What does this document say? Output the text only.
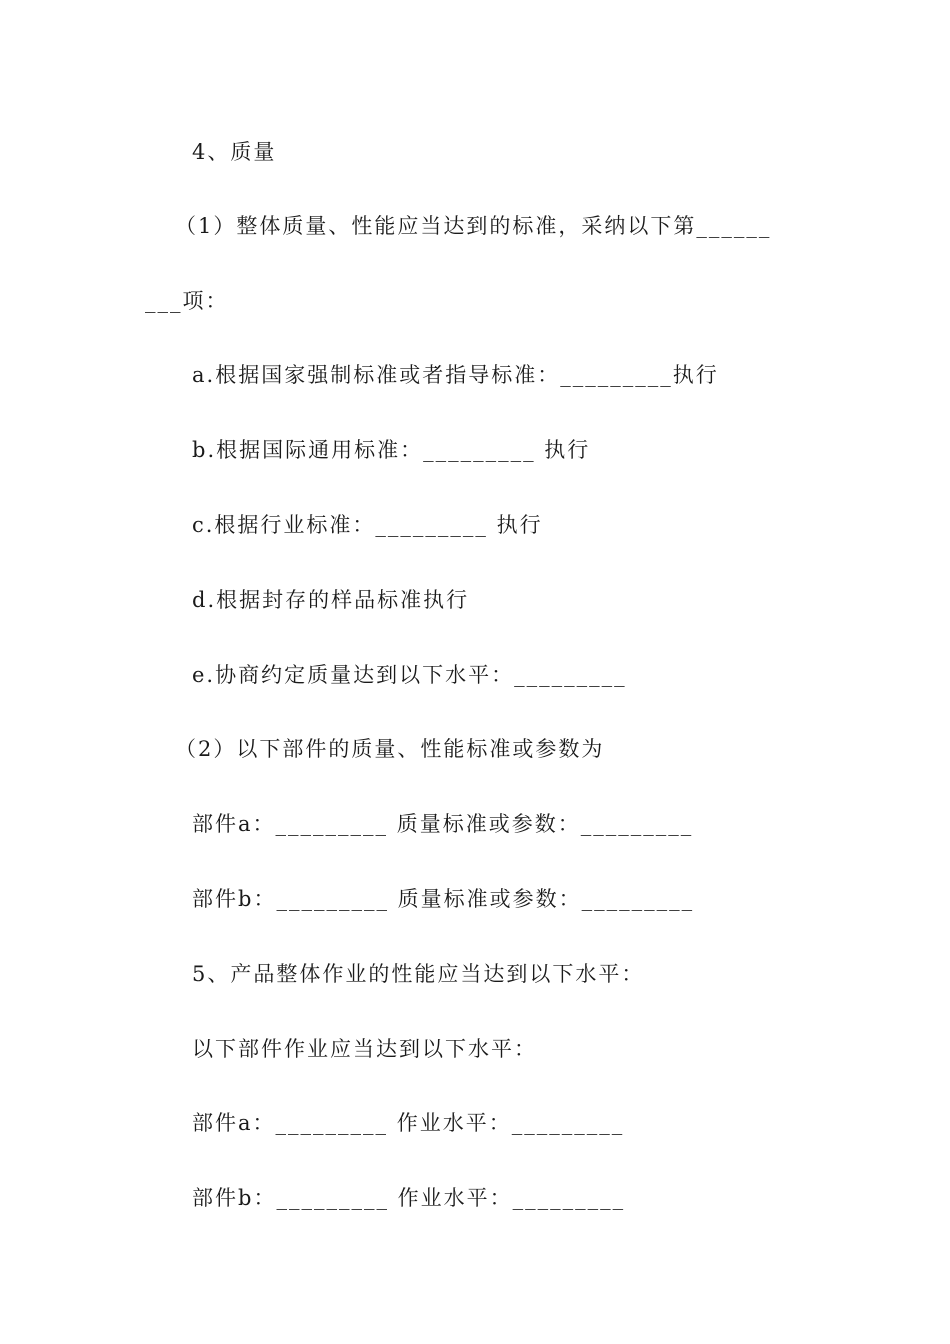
4、质量
（1）整体质量、性能应当达到的标准，采纳以下第______
___项：
a.根据国家强制标准或者指导标准：_________执行
b.根据国际通用标准：_________ 执行
c.根据行业标准：_________ 执行
d.根据封存的样品标准执行
e.协商约定质量达到以下水平：_________
（2）以下部件的质量、性能标准或参数为
部件a：_________ 质量标准或参数：_________
部件b：_________ 质量标准或参数：_________
5、产品整体作业的性能应当达到以下水平：
以下部件作业应当达到以下水平：
部件a：_________ 作业水平：_________
部件b：_________ 作业水平：_________
